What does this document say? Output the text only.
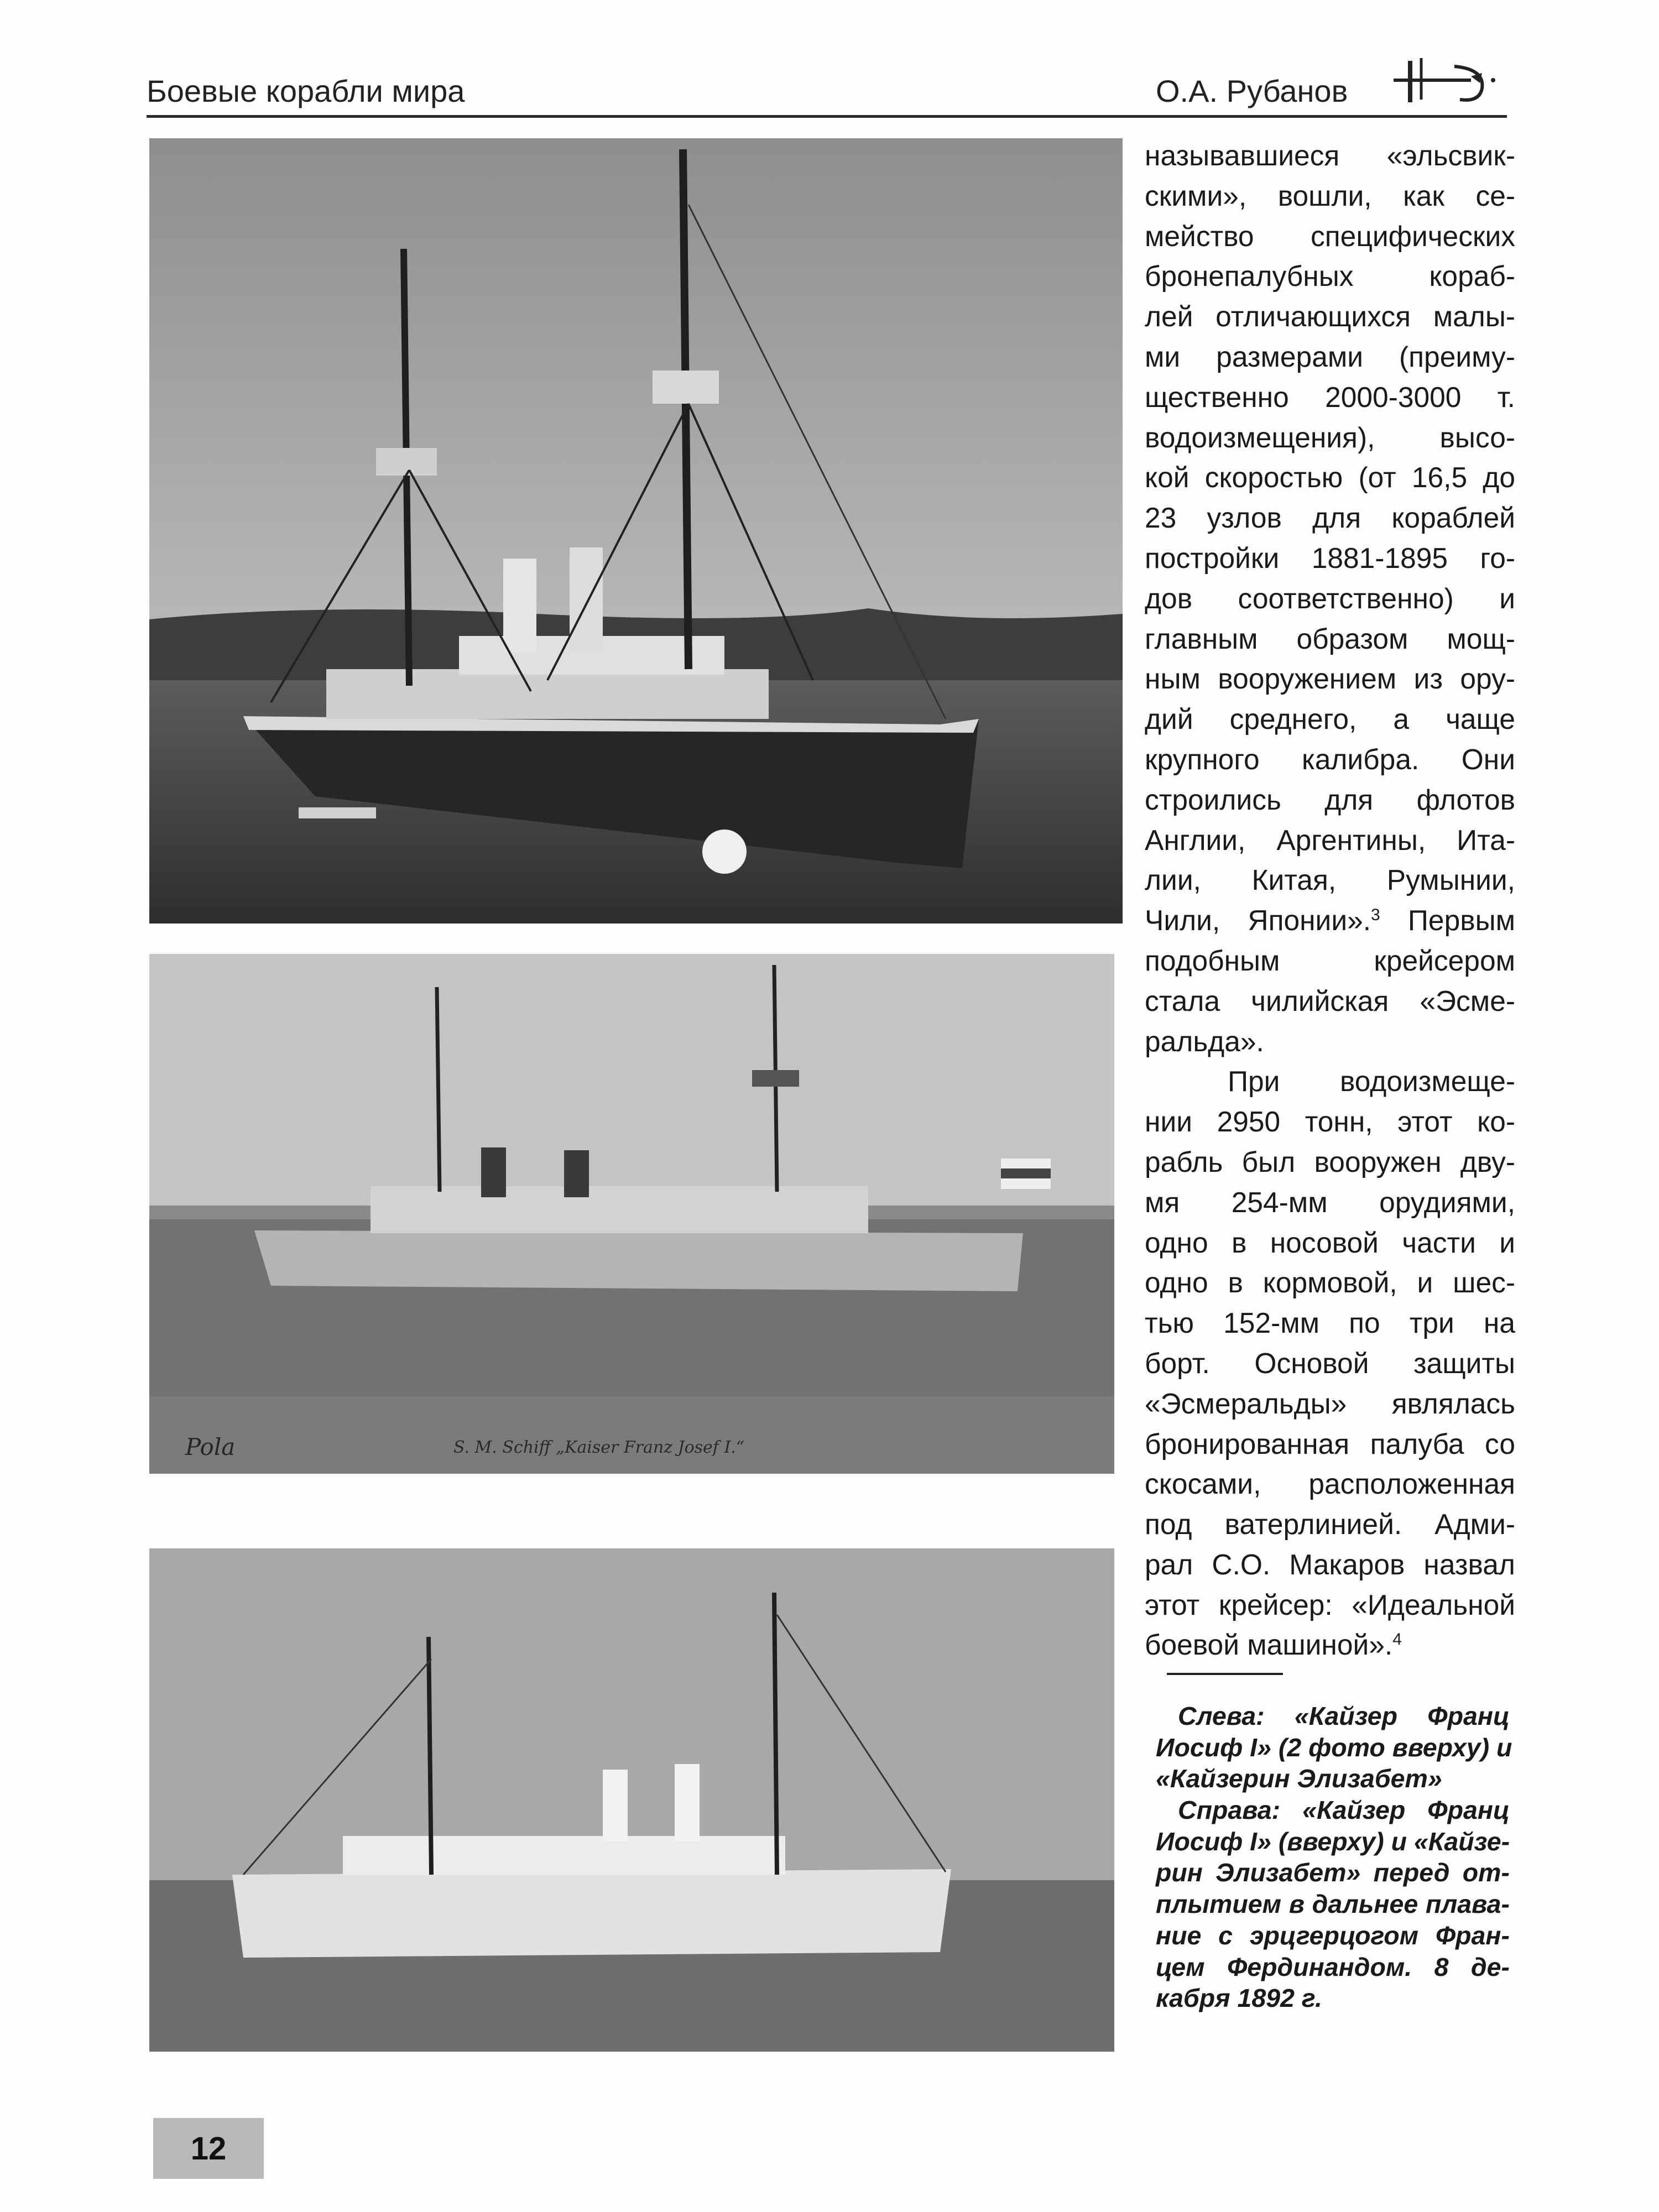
Боевые корабли мира	О.А. Рубанов
Pola	S. M. Schiff „Kaiser Franz Josef I.“
называвшиеся «эльсвик-
скими», вошли, как се-
мейство специфических
бронепалубных кораб-
лей отличающихся малы-
ми размерами (преиму-
щественно 2000-3000 т.
водоизмещения), высо-
кой скоростью (от 16,5 до
23 узлов для кораблей
постройки 1881-1895 го-
дов соответственно) и
главным образом мощ-
ным вооружением из ору-
дий среднего, а чаще
крупного калибра. Они
строились для флотов
Англии, Аргентины, Ита-
лии, Китая, Румынии,
Чили, Японии».$^3$ Первым
подобным крейсером
стала чилийская «Эсме-
ральда».
При водоизмеще-
нии 2950 тонн, этот ко-
рабль был вооружен дву-
мя 254-мм орудиями,
одно в носовой части и
одно в кормовой, и шес-
тью 152-мм по три на
борт. Основой защиты
«Эсмеральды» являлась
бронированная палуба со
скосами, расположенная
под ватерлинией. Адми-
рал С.О. Макаров назвал
этот крейсер: «Идеальной
боевой машиной».$^4$
Слева: «Кайзер Франц
Иосиф I» (2 фото вверху) и
«Кайзерин Элизабет»
Справа: «Кайзер Франц
Иосиф I» (вверху) и «Кайзе-
рин Элизабет» перед от-
плытием в дальнее плава-
ние с эрцгерцогом Фран-
цем Фердинандом. 8 де-
кабря 1892 г.
12
